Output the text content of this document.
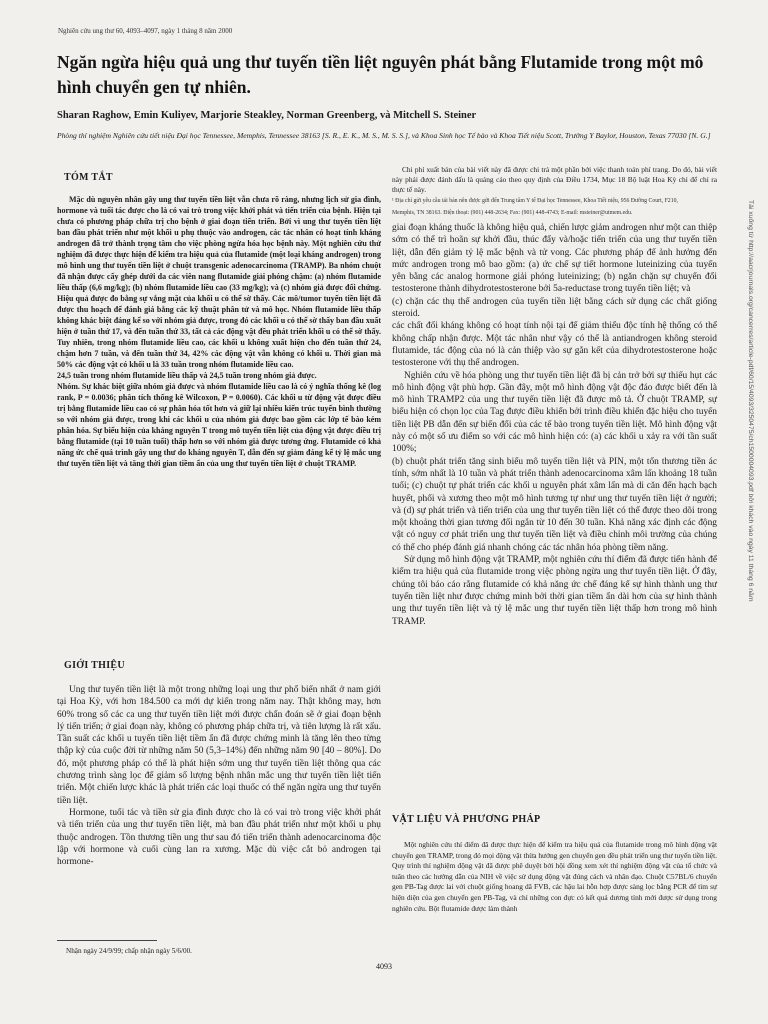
Nghiên cứu ung thư 60, 4093–4097, ngày 1 tháng 8 năm 2000
Ngăn ngừa hiệu quả ung thư tuyến tiền liệt nguyên phát bằng Flutamide trong một mô hình chuyển gen tự nhiên.
Sharan Raghow, Emin Kuliyev, Marjorie Steakley, Norman Greenberg, và Mitchell S. Steiner
Phòng thí nghiệm Nghiên cứu tiết niệu Đại học Tennessee, Memphis, Tennessee 38163 [S. R., E. K., M. S., M. S. S.], và Khoa Sinh học Tế bào và Khoa Tiết niệu Scott, Trường Y Baylor, Houston, Texas 77030 [N. G.]
TÓM TẮT

Mặc dù nguyên nhân gây ung thư tuyến tiền liệt vẫn chưa rõ ràng, nhưng lịch sử gia đình, hormone và tuổi tác được cho là có vai trò trong việc khởi phát và tiến triển của bệnh. Hiện tại chưa có phương pháp chữa trị cho bệnh ở giai đoạn tiến triển. Bởi vì ung thư tuyến tiền liệt ban đầu phát triển như một khối u phụ thuộc vào androgen, các tác nhân có hoạt tính kháng androgen đã trở thành trọng tâm cho việc phòng ngừa hóa học bệnh này. Một nghiên cứu thử nghiệm đã được thực hiện để kiểm tra hiệu quả của flutamide (một loại kháng androgen) trong mô hình ung thư tuyến tiền liệt ở chuột transgenic adenocarcinoma (TRAMP). Ba nhóm chuột đã nhận được cấy ghép dưới da các viên nang flutamide giải phóng chậm: (a) nhóm flutamide liều thấp (6,6 mg/kg); (b) nhóm flutamide liều cao (33 mg/kg); và (c) nhóm giả được đối chứng. Hiệu quả được đo bằng sự vắng mặt của khối u có thể sờ thấy. Các mô/tumor tuyến tiền liệt đã được thu hoạch để đánh giá bằng các kỹ thuật phân tử và mô học. Nhóm flutamide liều thấp không khác biệt đáng kể so với nhóm giả được, trong đó các khối u có thể sờ thấy ban đầu xuất hiện ở tuần thứ 17, và đến tuần thứ 33, tất cả các động vật đều phát triển khối u có thể sờ thấy. Tuy nhiên, trong nhóm flutamide liều cao, các khối u không xuất hiện cho đến tuần thứ 24, chậm hơn 7 tuần, và đến tuần thứ 34, 42% các động vật vẫn không có khối u. Thời gian mà 50% các động vật có khối u là 33 tuần trong nhóm flutamide liều cao.

24,5 tuần trong nhóm flutamide liều thấp và 24,5 tuần trong nhóm giả được.

Nhóm. Sự khác biệt giữa nhóm giả được và nhóm flutamide liều cao là có ý nghĩa thống kê (log rank, P = 0.0036; phân tích thống kê Wilcoxon, P = 0.0060). Các khối u từ động vật được điều trị bằng flutamide liều cao có sự phân hóa tốt hơn và giữ lại nhiều kiến trúc tuyến bình thường so với nhóm giả được, trong khi các khối u của nhóm giả được bao gồm các lớp tế bào kém phân hóa. Sự biểu hiện của kháng nguyên T trong mô tuyến tiền liệt của động vật được điều trị bằng flutamide (tại 10 tuần tuổi) thấp hơn so với nhóm giả được tương ứng. Flutamide có khả năng ức chế quá trình gây ung thư do kháng nguyên T, dẫn đến sự giảm đáng kể tỷ lệ mắc ung thư tuyến tiền liệt và tăng thời gian tiềm ẩn của ung thư tuyến tiền liệt ở chuột TRAMP.

GIỚI THIỆU

Ung thư tuyến tiền liệt là một trong những loại ung thư phổ biến nhất ở nam giới tại Hoa Kỳ, với hơn 184.500 ca mới dự kiến trong năm nay. Thật không may, hơn 60% trong số các ca ung thư tuyến tiền liệt mới được chẩn đoán sẽ ở giai đoạn bệnh lý tiến triển; ở giai đoạn này, không có phương pháp chữa trị, và tiên lượng là rất xấu. Tần suất các khối u tuyến tiền liệt tiềm ẩn đã được chứng minh là tăng lên theo từng thập kỷ của cuộc đời từ những năm 50 (5,3–14%) đến những năm 90 [40 – 80%]. Do đó, một phương pháp có thể là phát hiện sớm ung thư tuyến tiền liệt thông qua các chương trình sàng lọc để giảm số lượng bệnh nhân mắc ung thư tuyến tiền liệt tiến triển. Một chiến lược khác là phát triển các loại thuốc có thể ngăn ngừa ung thư tuyến tiền liệt.

Hormone, tuổi tác và tiền sử gia đình được cho là có vai trò trong việc khởi phát và tiến triển của ung thư tuyến tiền liệt, mà ban đầu phát triển như một khối u phụ thuộc androgen. Tồn thương tiền ung thư sau đó tiến triển thành adenocarcinoma độc lập với hormone và cuối cùng lan ra xương. Mặc dù việc cắt bỏ androgen tại hormone-

Chi phí xuất bản của bài viết này đã được chi trả một phần bởi việc thanh toán phí trang. Do đó, bài viết này phải được đánh dấu là quảng cáo theo quy định của Điều 1734, Mục 18 Bộ luật Hoa Kỳ chỉ để chỉ ra thực tế này.
¹ Địa chỉ gửi yêu cầu tái bản nên được gửi đến Trung tâm Y tế Đại học Tennessee, Khoa Tiết niệu, 956 Đường Court, F210,
Memphis, TN 38163. Điện thoại: (901) 448-2634; Fax: (901) 448-4743; E-mail: msteiner@utmem.edu.

giai đoạn kháng thuốc là không hiệu quả, chiến lược giảm androgen như một can thiệp sớm có thể trì hoãn sự khởi đầu, thúc đẩy và/hoặc tiến triển của ung thư tuyến tiền liệt, dẫn đến giảm tỷ lệ mắc bệnh và tử vong. Các phương pháp để ảnh hưởng đến mức androgen trong mô bao gồm: (a) ức chế sự tiết hormone luteinizing của tuyến yên bằng các analog hormone giải phóng luteinizing; (b) ngăn chặn sự chuyển đổi testosterone thành dihydrotestosterone bởi 5a-reductase trong tuyến tiền liệt; và

(c) chặn các thụ thể androgen của tuyến tiền liệt bằng cách sử dụng các chất giống steroid.

các chất đối kháng không có hoạt tính nội tại để giảm thiểu độc tính hệ thống có thể không chấp nhận được. Một tác nhân như vậy có thể là antiandrogen không steroid flutamide, tác động của nó là cản thiệp vào sự gắn kết của dihydrotestosterone hoặc testosterone với thụ thể androgen.

Nghiên cứu về hóa phòng ung thư tuyến tiền liệt đã bị cản trở bởi sự thiếu hụt các mô hình động vật phù hợp. Gần đây, một mô hình động vật độc đáo được biết đến là mô hình TRAMP2 của ung thư tuyến tiền liệt đã được mô tả. Ở chuột TRAMP, sự biểu hiện có chọn lọc của Tag được điều khiển bởi trình điều khiển đặc hiệu cho tuyến tiền liệt PB dẫn đến sự biến đổi của các tế bào trong tuyến tiền liệt. Mô hình động vật này có một số ưu điểm so với các mô hình hiện có: (a) các khối u xảy ra với tần suất 100%;

(b) chuột phát triển tăng sinh biểu mô tuyến tiền liệt và PIN, một tổn thương tiền ác tính, sớm nhất là 10 tuần và phát triển thành adenocarcinoma xâm lấn khoảng 18 tuần tuổi; (c) chuột tự phát triển các khối u nguyên phát xâm lấn mà di căn đến hạch bạch huyết, phổi và xương theo một mô hình tương tự như ung thư tuyến tiền liệt ở người; và (d) sự phát triển và tiến triển của ung thư tuyến tiền liệt có thể được theo dõi trong một khoảng thời gian tương đối ngắn từ 10 đến 30 tuần. Khả năng xác định các động vật có nguy cơ phát triển ung thư tuyến tiền liệt và điều chỉnh môi trường của chúng có thể cho phép đánh giá nhanh chóng các tác nhân hóa phòng tiềm năng.

Sử dụng mô hình động vật TRAMP, một nghiên cứu thí điểm đã được tiến hành để kiểm tra hiệu quả của flutamide trong việc phòng ngừa ung thư tuyến tiền liệt. Ở đây, chúng tôi báo cáo rằng flutamide có khả năng ức chế đáng kể sự hình thành ung thư tuyến tiền liệt như được chứng minh bởi thời gian tiềm ẩn dài hơn của sự hình thành ung thư tuyến tiền liệt và tỷ lệ mắc ung thư tuyến tiền liệt thấp hơn trong mô hình TRAMP.

VẬT LIỆU VÀ PHƯƠNG PHÁP

Một nghiên cứu thí điểm đã được thực hiện để kiểm tra hiệu quả của flutamide trong mô hình động vật chuyển gen TRAMP, trong đó mọi động vật thừa hưởng gen chuyển gen đều phát triển ung thư tuyến tiền liệt. Quy trình thí nghiệm động vật đã được phê duyệt bởi hội đồng xem xét thí nghiệm động vật của tổ chức và tuân theo các hướng dẫn của NIH về việc sử dụng động vật đúng cách và nhân đạo. Chuột C57BL/6 chuyển gen PB-Tag được lai với chuột giống hoang dã FVB, các hậu lai hỗn hợp được sàng lọc bằng PCR để tìm sự hiện diện của gen chuyển gen PB-Tag, và chỉ những con đực có kết quả dương tính mới được sử dụng trong nghiên cứu. Bột flutamide được làm thành

Nhận ngày 24/9/99; chấp nhận ngày 5/6/00.
4093
Tải xuống từ http://aacrjournals.org/cancerres/article-pdf/60/15/4093/3250475/ch1500004093.pdf bởi khách vào ngày 11 tháng 6 năm
